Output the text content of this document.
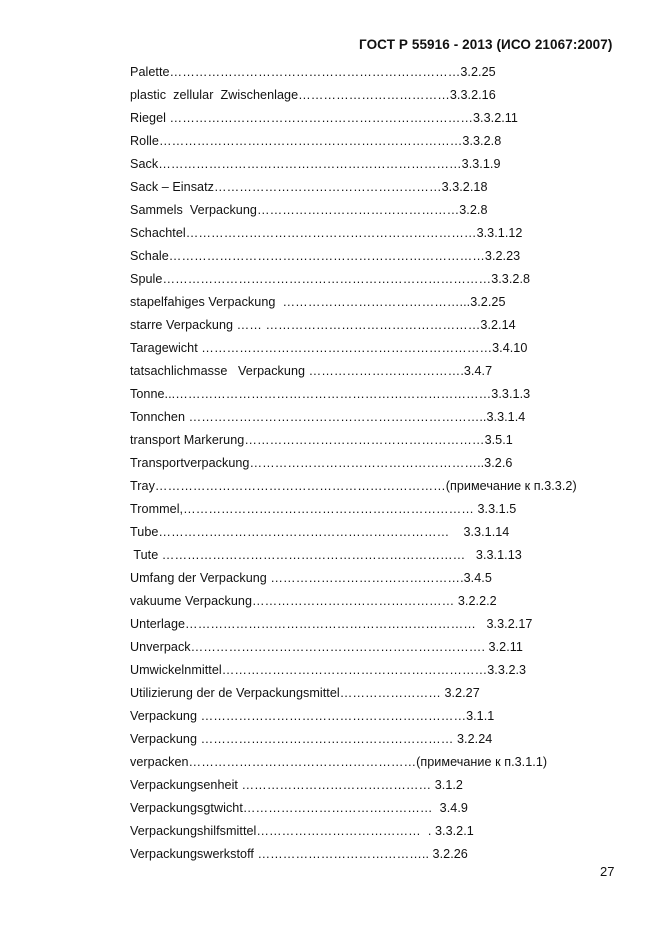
ГОСТ Р 55916 - 2013 (ИСО 21067:2007)
Palette……………………………………………………………3.2.25
plastic  zellular  Zwischenlage………………………………3.3.2.16
Riegel ………………………………………………………………3.3.2.11
Rolle………………………………………………………………3.3.2.8
Sack………………………………………………………………3.3.1.9
Sack – Einsatz………………………………………………3.3.2.18
Sammels  Verpackung…………………………………………3.2.8
Schachtel……………………………………………………………3.3.1.12
Schale…………………………………………………………………3.2.23
Spule……………………………………………………………………3.3.2.8
stapelfahiges Verpackung  ……………………………………...3.2.25
starre Verpackung …… ……………………………………………3.2.14
Taragewicht ……………………………………………………………3.4.10
tatsachlichmasse   Verpackung ……………………………….3.4.7
Tonne...…………………………………………………………………3.3.1.3
Tonnchen ……………………………………………………………..3.3.1.4
transport Markerung…………………………………………………3.5.1
Transportverpackung………………………………………………..3.2.6
Tray……………………………………………………………(примечание к п.3.3.2)
Trommel,…………………………………………………………… 3.3.1.5
Tube……………………………………………………………    3.3.1.14
Tute ………………………………………………………………   3.3.1.13
Umfang der Verpackung ……………………………………….3.4.5
vakuume Verpackung………………………………………… 3.2.2.2
Unterlage……………………………………………………………   3.3.2.17
Unverpack……………………………………………………………. 3.2.11
Umwickelnmittel………………………………………………………3.3.2.3
Utilizierung der de Verpackungsmittel…………………… 3.2.27
Verpackung ………………………………………………………3.1.1
Verpackung …………………………………………………… 3.2.24
verpacken………………………………………………(примечание к п.3.1.1)
Verpackungsenheit ……………………………………… 3.1.2
Verpackungsgtwicht………………………………………  3.4.9
Verpackungshilfsmittel…………………………………  . 3.3.2.1
Verpackungswerkstoff ………………………………….. 3.2.26
27
